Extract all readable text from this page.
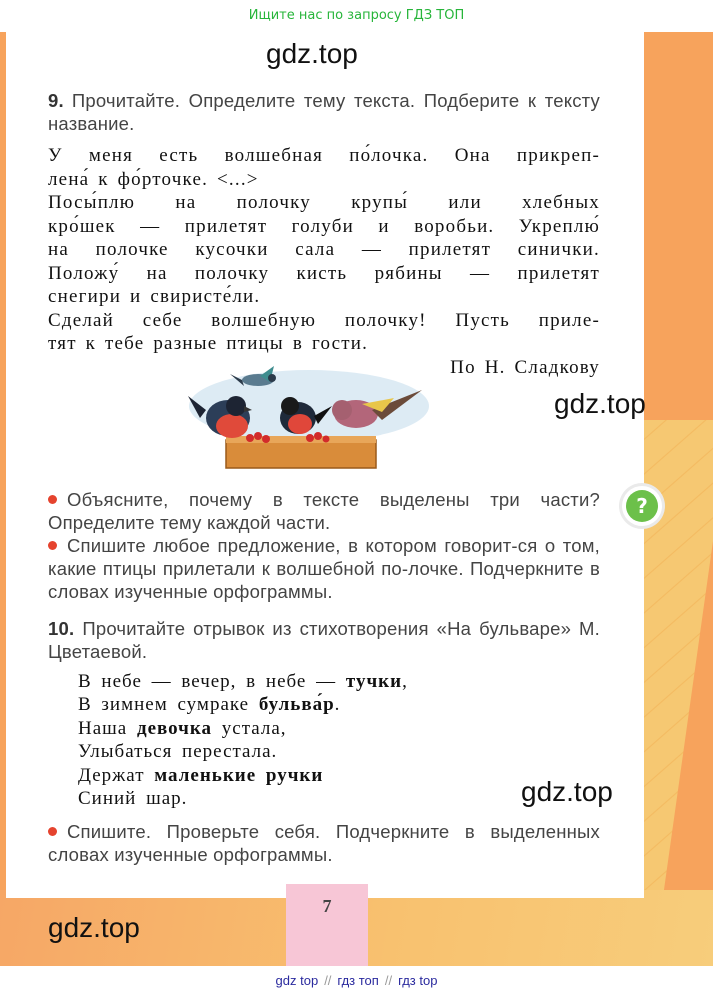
Ищите нас по запросу ГДЗ ТОП
gdz.top
9. Прочитайте. Определите тему текста. Подберите к тексту название.

У меня есть волшебная по́лочка. Она прикреп-

лена́ к фо́рточке. <...>

Посы́плю на полочку крупы́ или хлебных

кро́шек — прилетят голуби и воробьи. Укреплю́

на полочке кусочки сала — прилетят синички.

Положу́ на полочку кисть рябины — прилетят

снегири и свиристе́ли.

Сделай себе волшебную полочку! Пусть приле-

тят к тебе разные птицы в гости.

По Н. Сладкову

gdz.top
Объясните, почему в тексте выделены три части? Определите тему каждой части.
Спишите любое предложение, в котором говорит-ся о том, какие птицы прилетали к волшебной по-лочке. Подчеркните в словах изученные орфограммы.
?
10. Прочитайте отрывок из стихотворения «На бульваре» М. Цветаевой.
В небе — вечер, в небе — тучки,
В зимнем сумраке бульва́р.
Наша девочка устала,
Улыбаться перестала.
Держат маленькие ручки
Синий шар.	gdz.top
Спишите. Проверьте себя. Подчеркните в выделенных словах изученные орфограммы.
7
gdz.top
gdz top // гдз топ // гдз top
